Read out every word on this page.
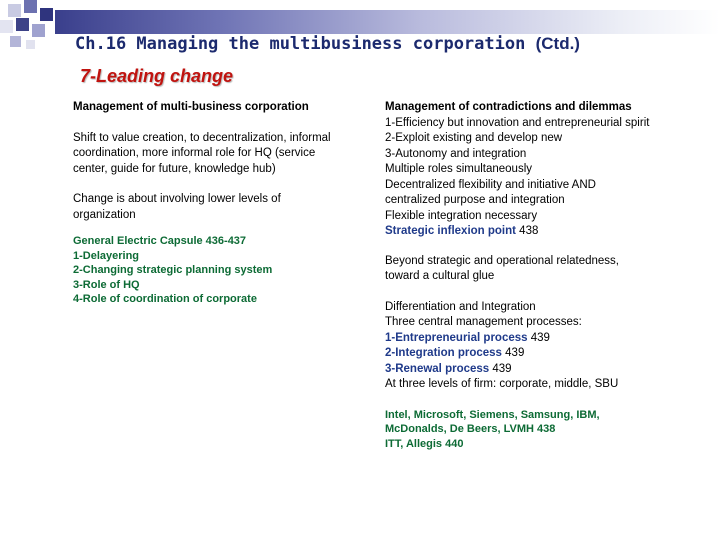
Ch.16 Managing the multibusiness corporation (Ctd.)
7-Leading change
Management of multi-business corporation
Shift to value creation, to decentralization, informal
coordination, more informal role for HQ (service
center, guide for future, knowledge hub)
Change is about involving lower levels of
organization
General Electric Capsule 436-437
1-Delayering
2-Changing strategic planning system
3-Role of HQ
4-Role of coordination of corporate
Management of contradictions and dilemmas
1-Efficiency but innovation and entrepreneurial spirit
2-Exploit existing and develop new
3-Autonomy and integration
Multiple roles simultaneously
Decentralized flexibility and initiative AND
centralized purpose and integration
Flexible integration necessary
Strategic inflexion point 438
Beyond strategic and operational relatedness,
toward a cultural glue
Differentiation and Integration
Three central management processes:
1-Entrepreneurial process 439
2-Integration process 439
3-Renewal process 439
At three levels of firm: corporate, middle, SBU
Intel, Microsoft, Siemens, Samsung, IBM,
McDonalds, De Beers, LVMH 438
ITT, Allegis 440
